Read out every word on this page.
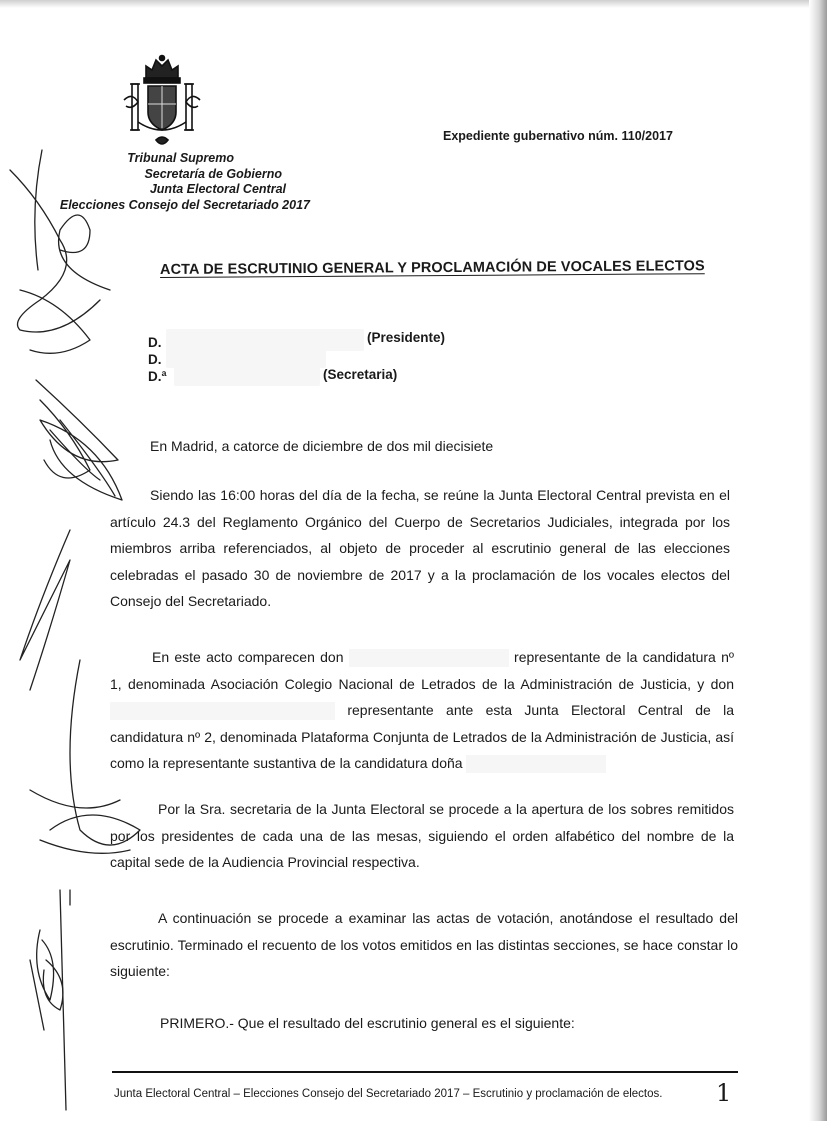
Tribunal Supremo
Secretaría de Gobierno
Junta Electoral Central
Elecciones Consejo del Secretariado 2017
Expediente gubernativo núm. 110/2017
ACTA DE ESCRUTINIO GENERAL Y PROCLAMACIÓN DE VOCALES ELECTOS
D.	(Presidente)
D.
D.ª	(Secretaria)

En Madrid, a catorce de diciembre de dos mil diecisiete

Siendo las 16:00 horas del día de la fecha, se reúne la Junta Electoral Central prevista en el artículo 24.3 del Reglamento Orgánico del Cuerpo de Secretarios Judiciales, integrada por los miembros arriba referenciados, al objeto de proceder al escrutinio general de las elecciones celebradas el pasado 30 de noviembre de 2017 y a la proclamación de los vocales electos del Consejo del Secretariado.

En este acto comparecen don	representante de la candidatura nº 1, denominada Asociación Colegio Nacional de Letrados de la Administración de Justicia, y don  representante ante esta Junta Electoral Central de la candidatura nº 2, denominada Plataforma Conjunta de Letrados de la Administración de Justicia, así como la representante sustantiva de la candidatura doña

Por la Sra. secretaria de la Junta Electoral se procede a la apertura de los sobres remitidos por los presidentes de cada una de las mesas, siguiendo el orden alfabético del nombre de la capital sede de la Audiencia Provincial respectiva.

A continuación se procede a examinar las actas de votación, anotándose el resultado del escrutinio. Terminado el recuento de los votos emitidos en las distintas secciones, se hace constar lo siguiente:

PRIMERO.- Que el resultado del escrutinio general es el siguiente:

Junta Electoral Central – Elecciones Consejo del Secretariado 2017 – Escrutinio y proclamación de electos. 1
